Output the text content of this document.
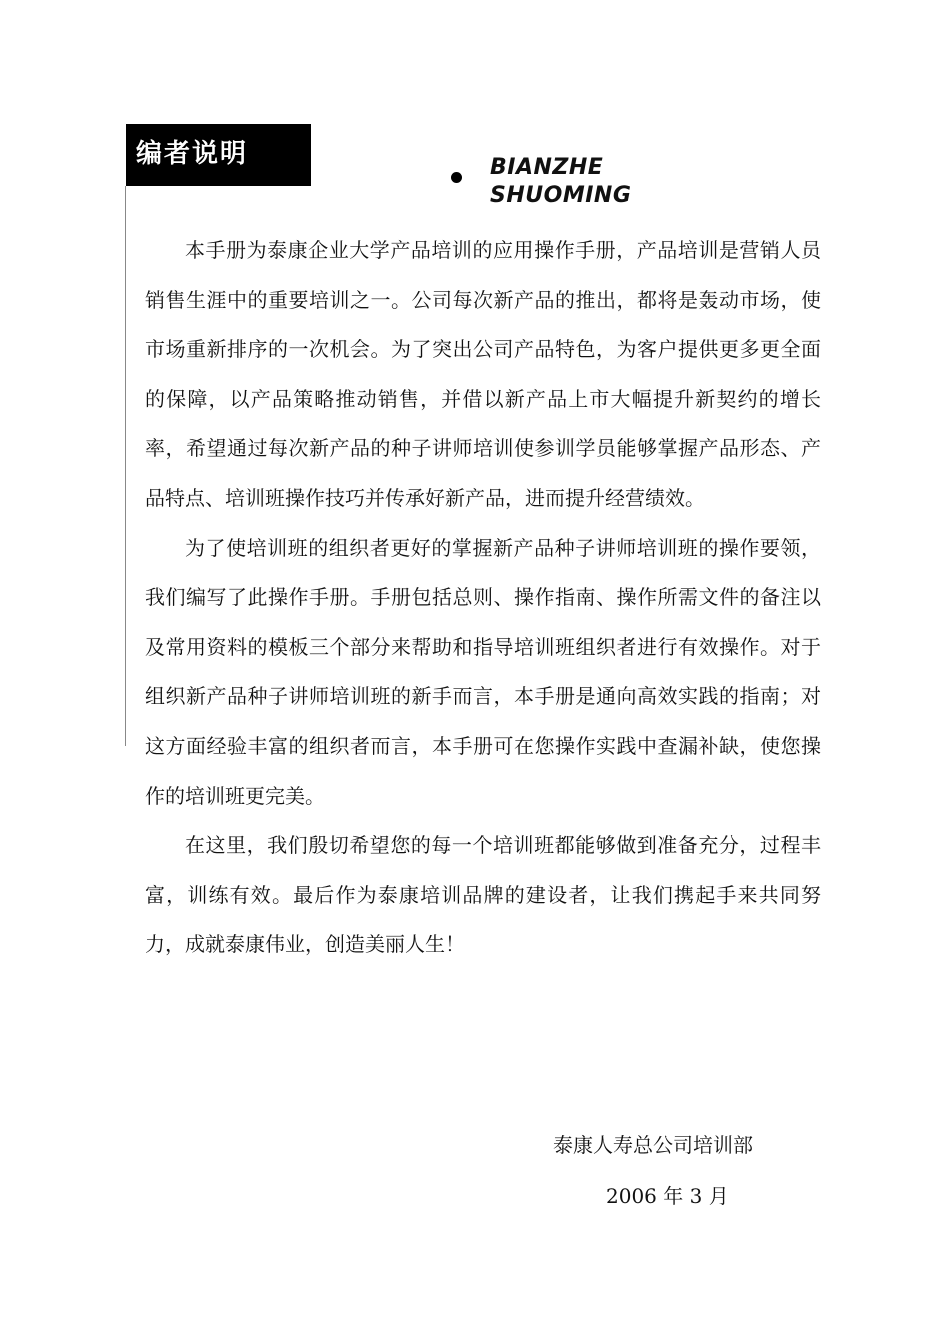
编者说明	BIANZHE
SHUOMING

本手册为泰康企业大学产品培训的应用操作手册，产品培训是营销人员销售生涯中的重要培训之一。公司每次新产品的推出，都将是轰动市场，使市场重新排序的一次机会。为了突出公司产品特色，为客户提供更多更全面的保障，以产品策略推动销售，并借以新产品上市大幅提升新契约的增长率，希望通过每次新产品的种子讲师培训使参训学员能够掌握产品形态、产品特点、培训班操作技巧并传承好新产品，进而提升经营绩效。

为了使培训班的组织者更好的掌握新产品种子讲师培训班的操作要领，我们编写了此操作手册。手册包括总则、操作指南、操作所需文件的备注以及常用资料的模板三个部分来帮助和指导培训班组织者进行有效操作。对于组织新产品种子讲师培训班的新手而言，本手册是通向高效实践的指南；对这方面经验丰富的组织者而言，本手册可在您操作实践中查漏补缺，使您操作的培训班更完美。

在这里，我们殷切希望您的每一个培训班都能够做到准备充分，过程丰富，训练有效。最后作为泰康培训品牌的建设者，让我们携起手来共同努力，成就泰康伟业，创造美丽人生！

泰康人寿总公司培训部
2006 年 3 月
